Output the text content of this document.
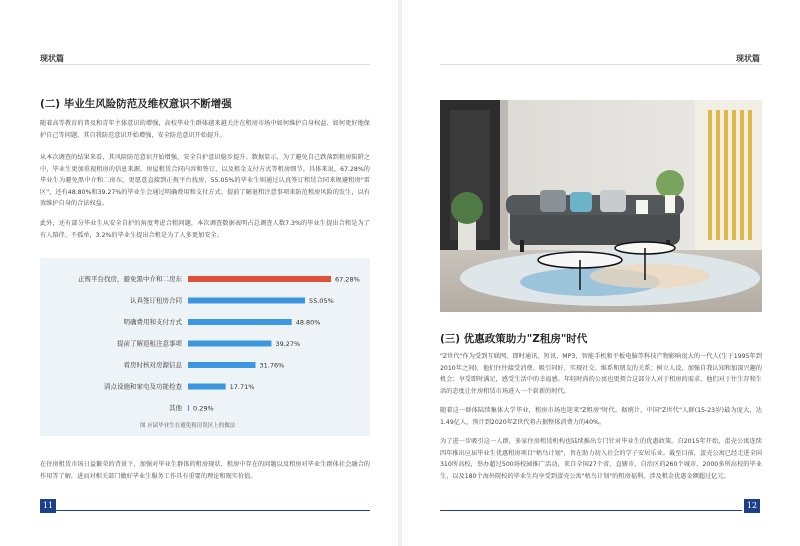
现状篇
(二) 毕业生风险防范及维权意识不断增强

随着高等教育的普及和青年主体意识的增强，高校毕业生群体越来越关注在租房市场中如何维护自身权益、如何更好地保护自己等问题，其自我防范意识开始增强，安全防范意识开始提升。

从本次调查的结果来看，其风险防范意识开始增强，安全自护意识稳步提升。数据显示，为了避免自己跌落到租房陷阱之中，毕业生更加重视租房的信息来源，房屋租赁合同内容和签订，以及租金支付方式等租房细节。具体来说，67.28%的毕业生为避免黑中介和二房东，更愿意直接到正规平台找房，55.05%的毕业生则通过认真签订租赁合同来规避租房"雷区"，还有48.80%和39.27%的毕业生会通过明确费用和支付方式、提前了解退租注意事项来防范租房风险的发生，以有效维护自身的合法权益。

此外，还有部分毕业生从安全自护的角度考虑合租问题，本次调查数据表明占总调查人数7.3%的毕业生提出合租是为了有人陪伴、不孤单，3.2%的毕业生提出合租是为了人多更加安全。

正规平台找房，避免黑中介和二房东	67.28%
认真签订租房合同	55.05%
明确费用和支付方式	48.80%
提前了解退租注意事项	39.27%
看房时核对房源信息	31.76%
清点设施和家电及功能检查	17.71%
其他 0.29%
图 应届毕业生在避免租房误区上的做法

在住房租赁市场日益繁荣的背景下，加强对毕业生群体的租房现状、租房中存在的问题以及租房对毕业生群体社会融合的作用等了解，进而对相关部门做好毕业生服务工作具有重要的理论和现实价值。

11
现状篇
(三) 优惠政策助力"Z租房"时代

"Z世代"作为受到互联网、即时通讯、短讯、MP3、智能手机和平板电脑等科技产物影响很大的一代人(生于1995年到2010年之间)，他们往往接受消费、吸引同好、实现社交、维系和朋友的关系；树立人设，加强自我认知和加深兴趣的机会；享受即时满足，感受生活中的幸福感。年轻时尚的公寓也更契合这部分人对于租房的需求，他们对于住生存和生活的态度让住房租赁市场进入一个崭新的时代。

随着这一群体陆续集体大学毕业，租房市场也迎来"Z租房"时代。据统计，中国"Z世代"人群(15-23岁)最为庞大，达1.49亿人，预计到2020年Z世代将占据整体消费力的40%。

为了进一步吸引这一人群，多家住房租赁机构也陆续推出专门针对毕业生的优惠政策。自2015年开始，蛋壳公寓连续四年推出应届毕业生优惠租房项目"梧鸟计划"，旨在助力初入社会的学子安居乐业。截至目前，蛋壳公寓已经走进全国310所高校，举办超过500场校园推广活动，来自全国27个省、直辖市、自治区的260个城市，2000多所高校的毕业生，以及180个海外院校的毕业生均享受到蛋壳公寓"梧鸟计划"的租房福利，涉及租金优惠金额超过亿元。

12
